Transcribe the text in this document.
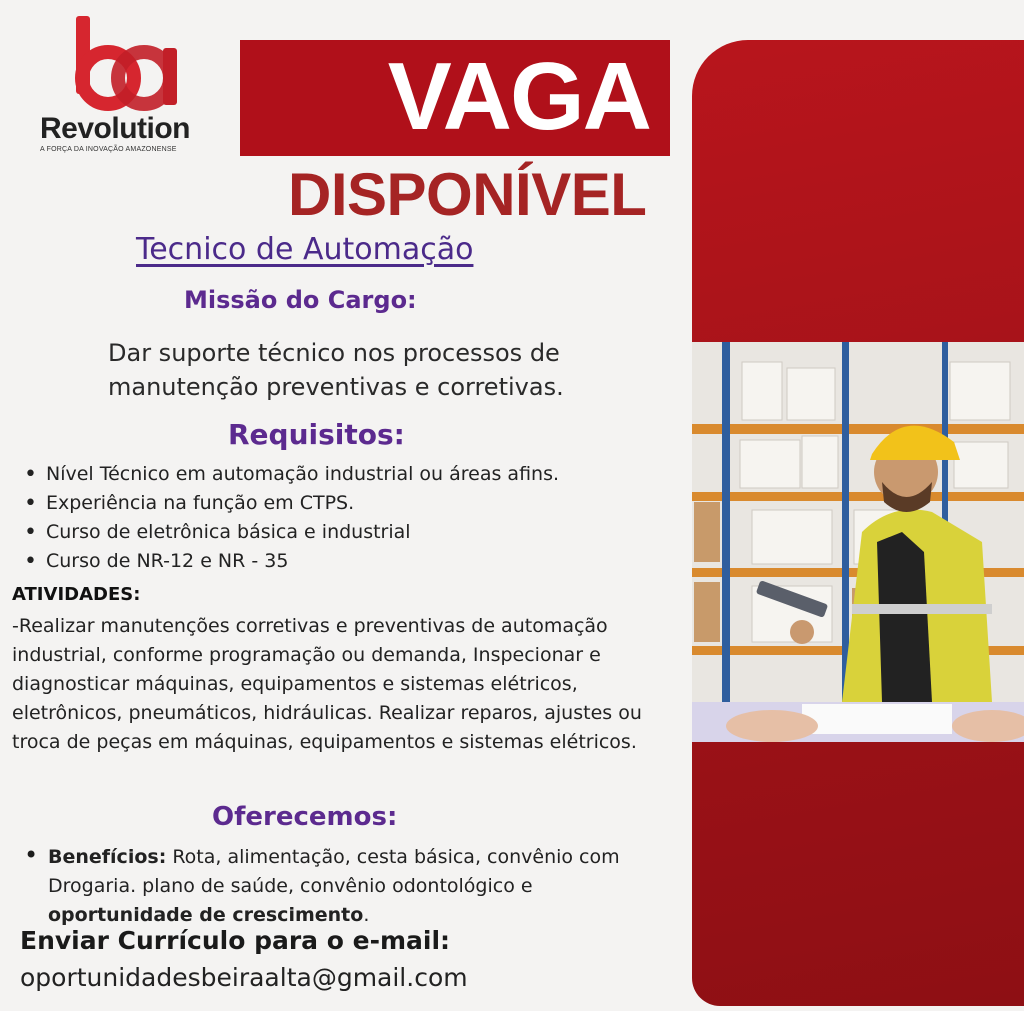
Revolution
A FORÇA DA INOVAÇÃO AMAZONENSE	VAGA
DISPONÍVEL
Tecnico de Automação
Missão do Cargo:
Dar suporte técnico nos processos de manutenção preventivas e corretivas.
Requisitos:
• Nível Técnico em automação industrial ou áreas afins.
• Experiência na função em CTPS.
• Curso de eletrônica básica e industrial
• Curso de NR-12 e NR - 35
ATIVIDADES:
-Realizar manutenções corretivas e preventivas de automação industrial, conforme programação ou demanda, Inspecionar e diagnosticar máquinas, equipamentos e sistemas elétricos, eletrônicos, pneumáticos, hidráulicas. Realizar reparos, ajustes ou troca de peças em máquinas, equipamentos e sistemas elétricos.
Oferecemos:
• Benefícios: Rota, alimentação, cesta básica, convênio com Drogaria. plano de saúde, convênio odontológico e oportunidade de crescimento.
Enviar Currículo para o e-mail:
oportunidadesbeiraalta@gmail.com
